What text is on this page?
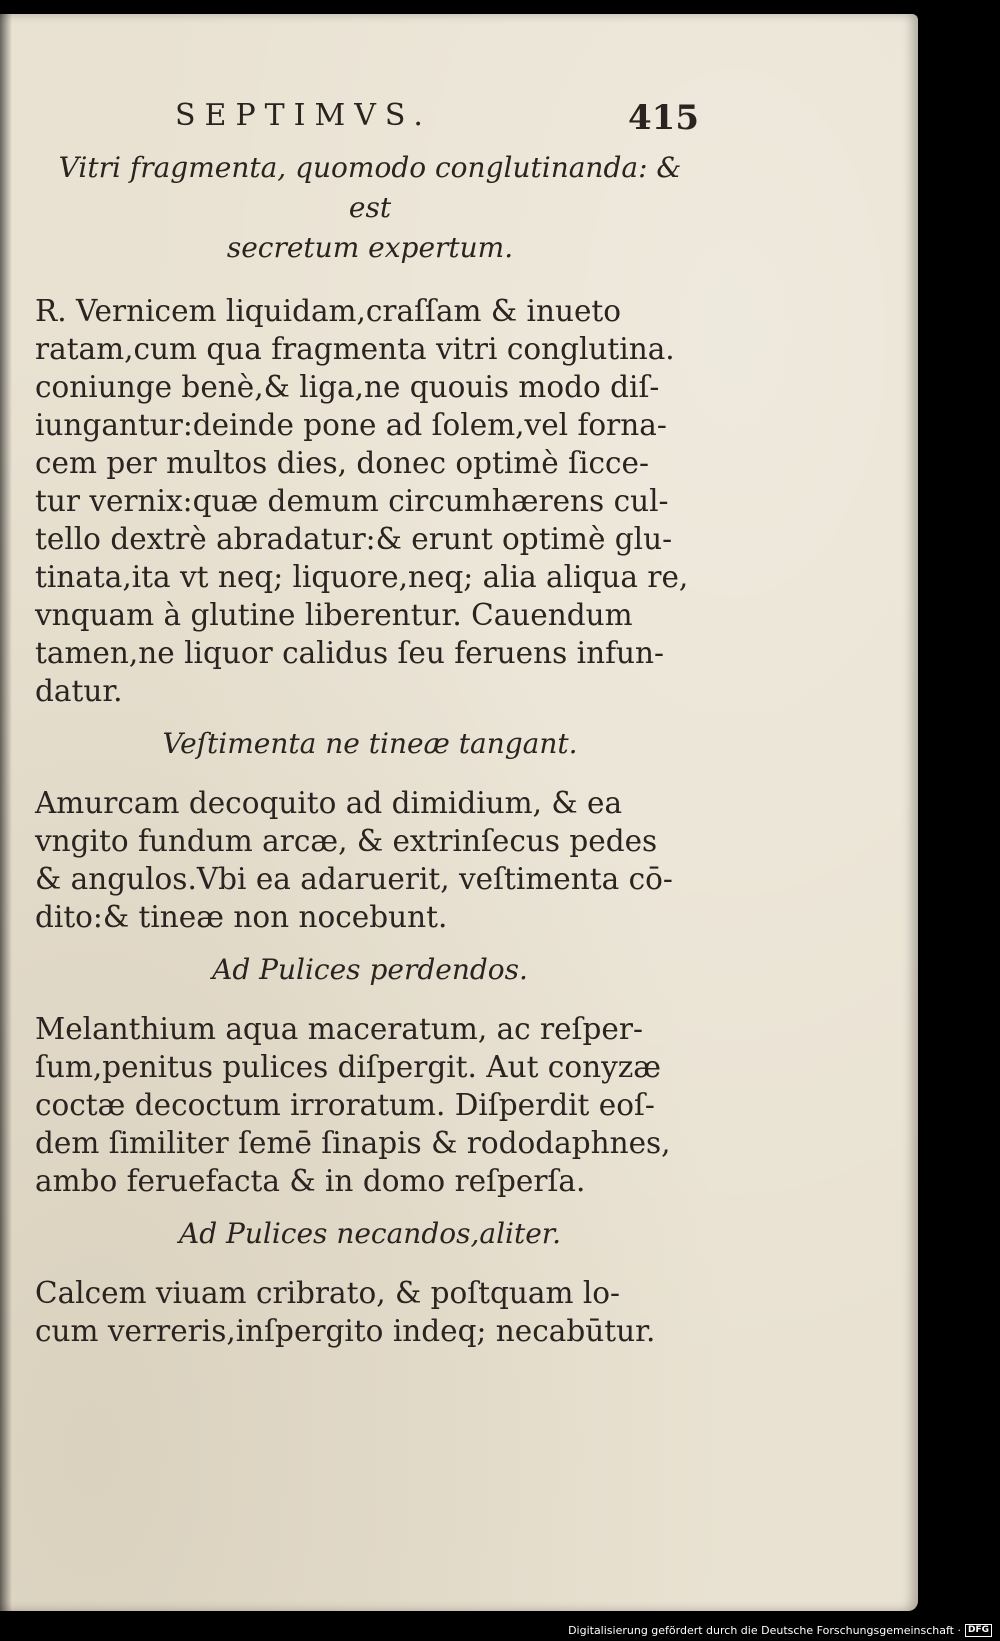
SEPTIMVS.	415

Vitri fragmenta, quomodo conglutinanda: & est

secretum expertum.

R. Vernicem liquidam,craſſam & inueto

ratam,cum qua fragmenta vitri conglutina.

coniunge benè,& liga,ne quouis modo diſ-

iungantur:deinde pone ad ſolem,vel forna-

cem per multos dies, donec optimè ſicce-

tur vernix:quæ demum circumhærens cul-

tello dextrè abradatur:& erunt optimè glu-

tinata,ita vt neq; liquore,neq; alia aliqua re,

vnquam à glutine liberentur. Cauendum

tamen,ne liquor calidus ſeu feruens infun-

datur.

Veſtimenta ne tineæ tangant.

Amurcam decoquito ad dimidium, & ea

vngito fundum arcæ, & extrinſecus pedes

& angulos.Vbi ea adaruerit, veſtimenta cō-

dito:& tineæ non nocebunt.

Ad Pulices perdendos.

Melanthium aqua maceratum, ac reſper-

ſum,penitus pulices diſpergit. Aut conyzæ

coctæ decoctum irroratum. Diſperdit eoſ-

dem ſimiliter ſemē ſinapis & rododaphnes,

ambo feruefacta & in domo reſperſa.

Ad Pulices necandos,aliter.

Calcem viuam cribrato, & poſtquam lo-

cum verreris,inſpergito indeq; necabūtur.

Digitalisierung gefördert durch die Deutsche Forschungsgemeinschaft · DFG
